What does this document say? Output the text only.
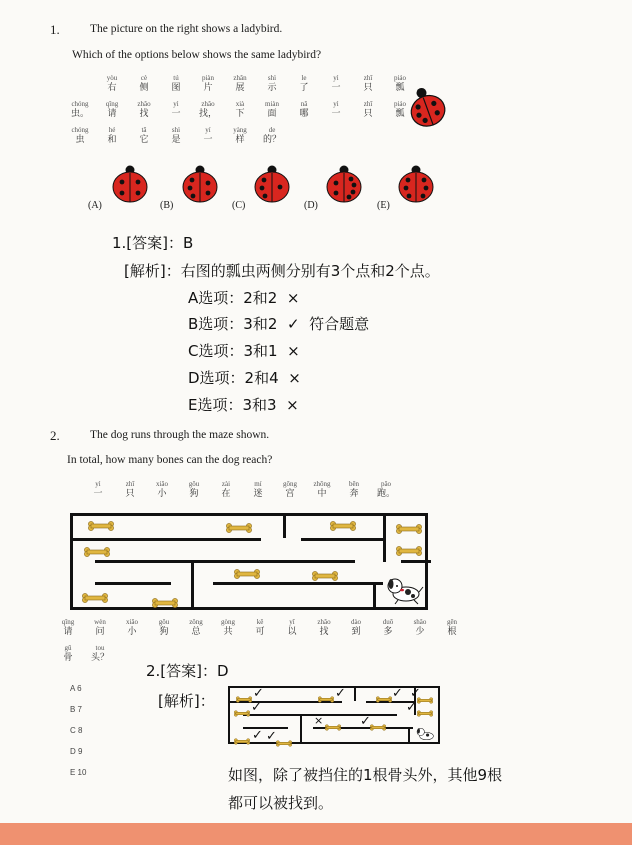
1.	The picture on the right shows a ladybird.
Which of the options below shows the same ladybird?
yòu
右
cè
侧
tú
图
piàn
片
zhǎn
展
shì
示
le
了
yì
一
zhī
只
piáo
瓢
chóng
虫。
qǐng
请
zhǎo
找
yì
一
zhǎo
找，
xià
下
miàn
面
nǎ
哪
yì
一
zhī
只
piáo
瓢
chóng
虫
hé
和
tā
它
shì
是
yí
一
yàng
样
de
的？
(A)	(B)	(C)	(D)	(E)
1.[答案]：B
[解析]：右图的瓢虫两侧分别有3个点和2个点。
A选项：2和2 ×
B选项：3和2 ✓ 符合题意
C选项：3和1 ×
D选项：2和4 ×
E选项：3和3 ×
2.	The dog runs through the maze shown.
In total, how many bones can the dog reach?
yì
一
zhī
只
xiǎo
小
gǒu
狗
zài
在
mí
迷
gōng
宫
zhōng
中
bēn
奔
pǎo
跑。
qǐng
请
wèn
问
xiǎo
小
gǒu
狗
zǒng
总
gòng
共
kě
可
yǐ
以
zhǎo
找
dào
到
duō
多
shǎo
少
gēn
根
gǔ
骨
tou
头？
A 6
B 7
C 8
D 9
E 10
2.[答案]：D
[解析]：	✓	✓	✓ ✓
✓	✓
×	✓
✓ ✓
如图，除了被挡住的1根骨头外，其他9根
都可以被找到。
